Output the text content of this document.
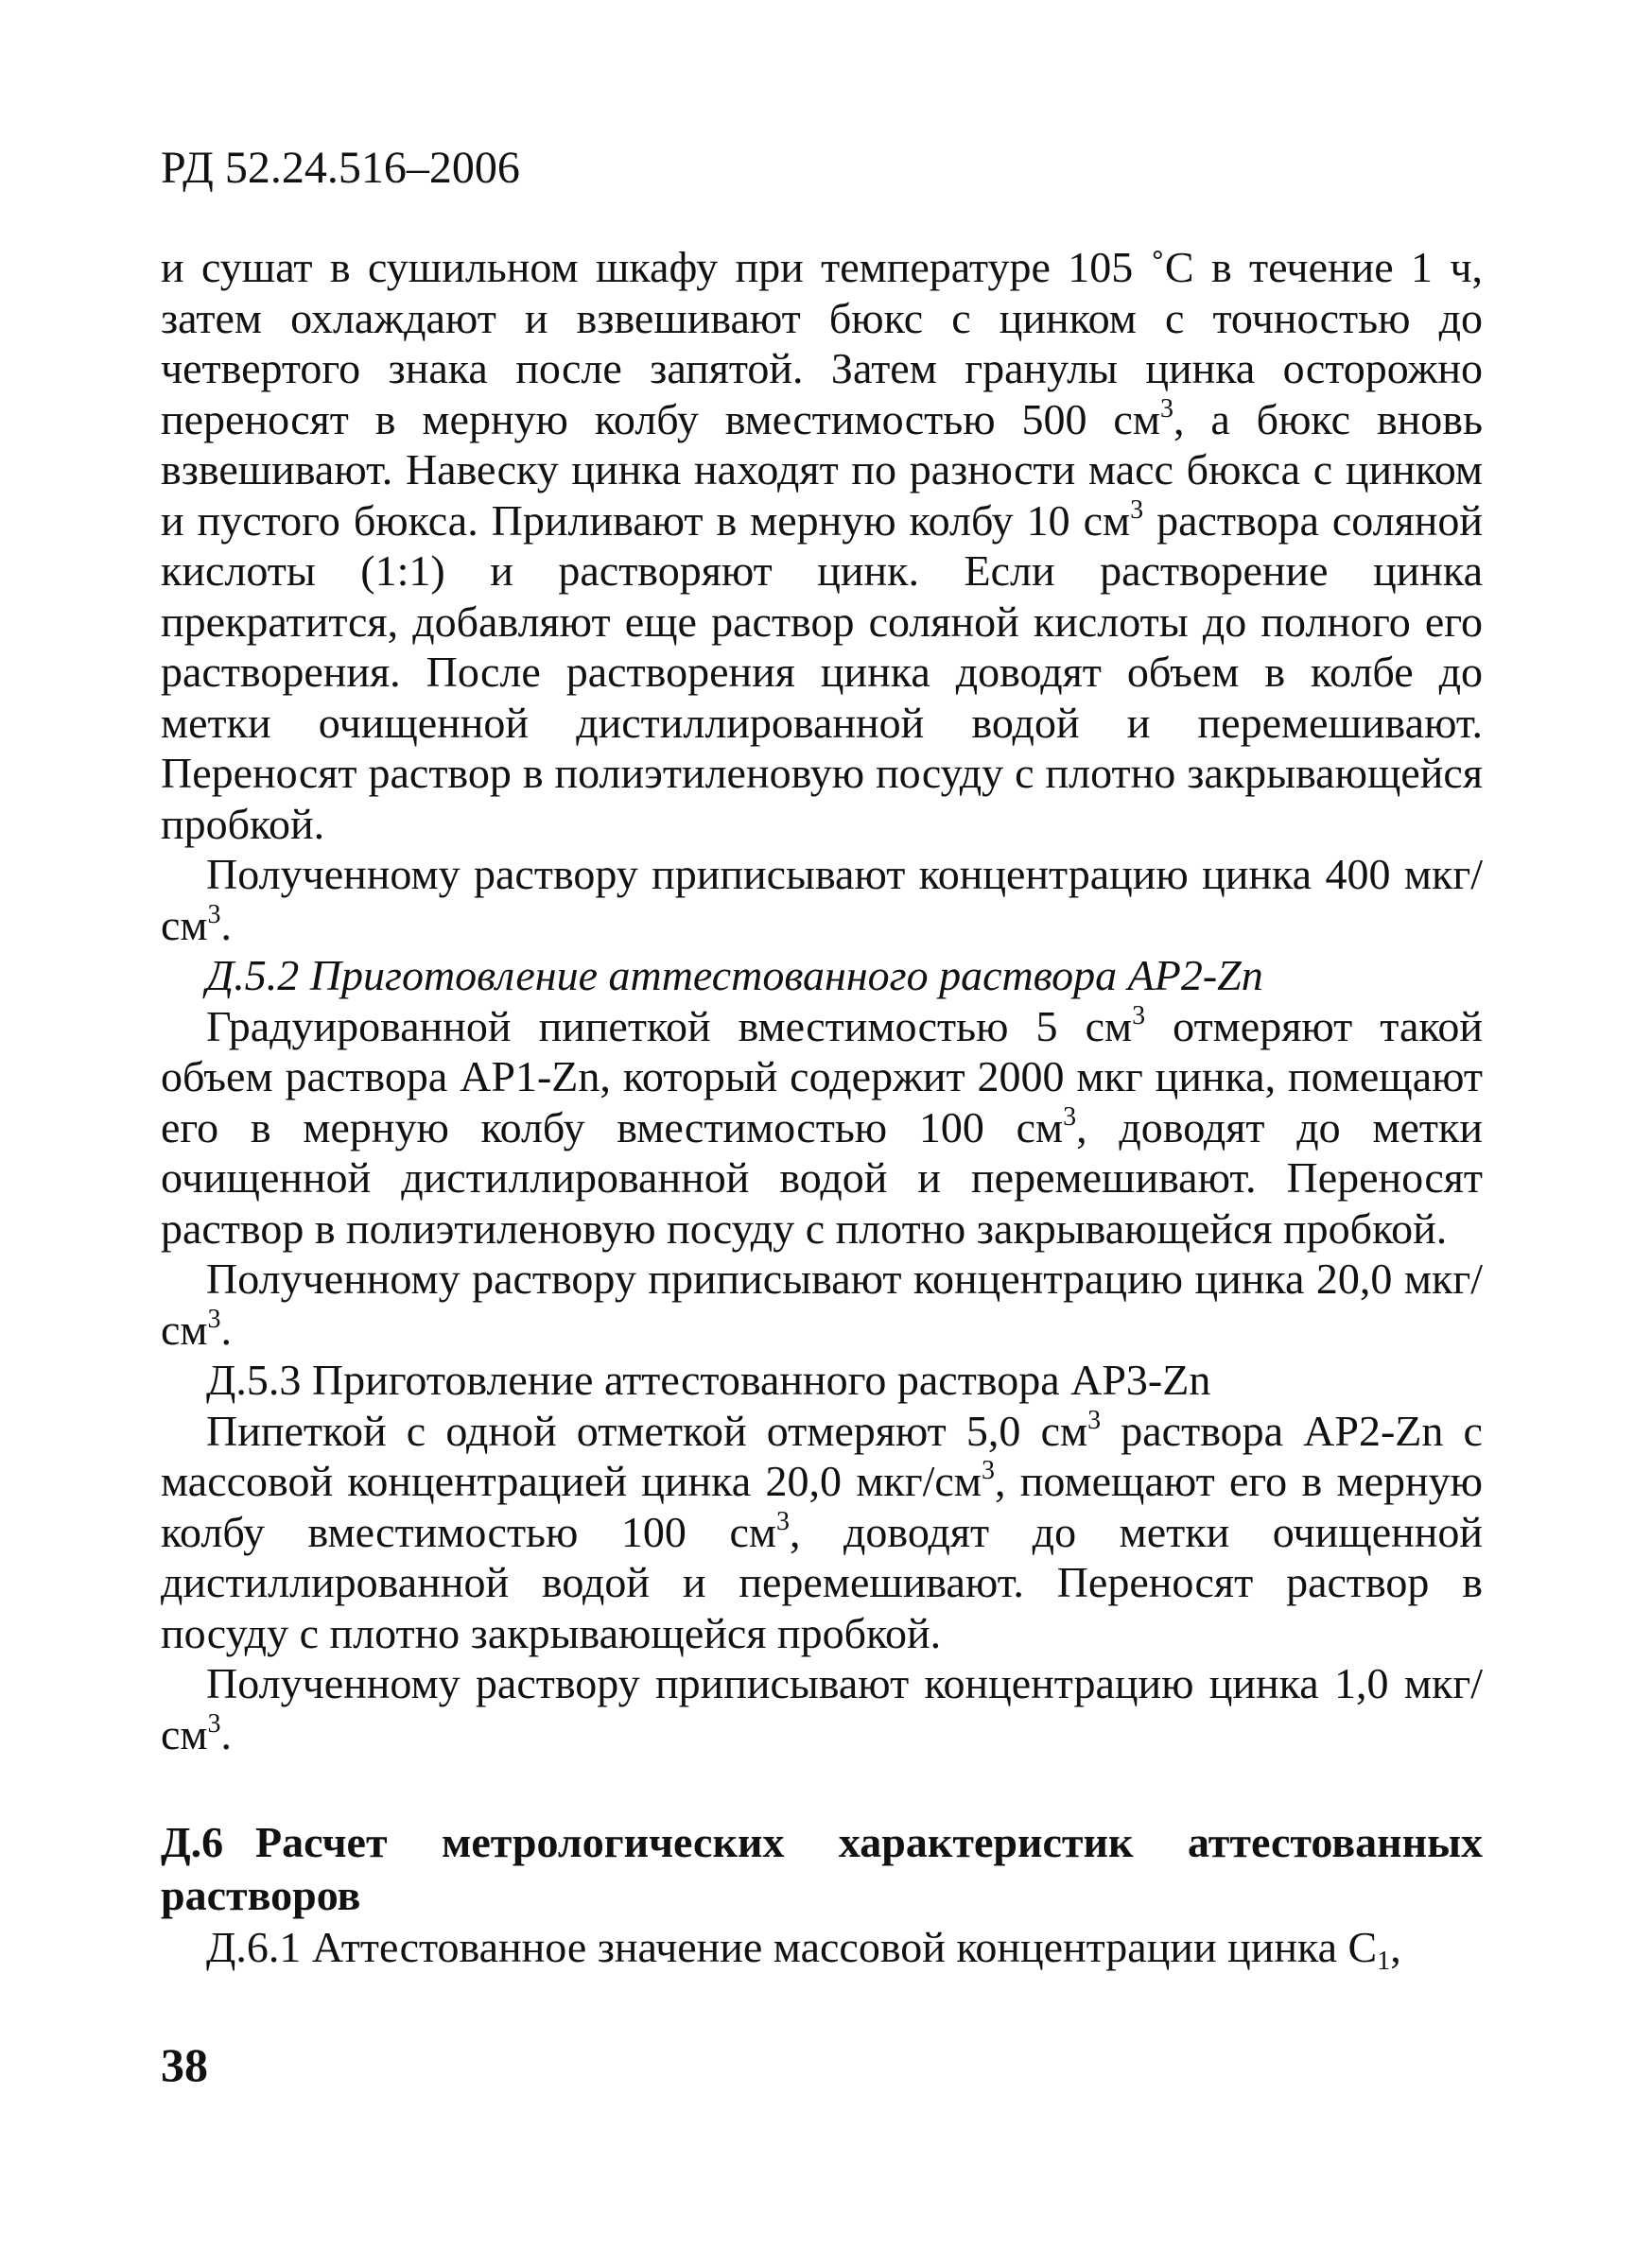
РД 52.24.516–2006

и сушат в сушильном шкафу при температуре 105 ˚С в течение 1 ч, затем охлаждают и взвешивают бюкс с цинком с точностью до четвертого знака после запятой. Затем гранулы цинка осторожно переносят в мерную колбу вместимостью 500 $см^3$, а бюкс вновь взвешивают. Навеску цинка находят по разности масс бюкса с цинком и пустого бюкса. Приливают в мерную колбу 10 $см^3$ раствора соляной кислоты (1:1) и растворяют цинк. Если растворение цинка прекратится, добавляют еще раствор соляной кислоты до полного его растворения. После растворения цинка доводят объем в колбе до метки очищенной дистиллированной водой и перемешивают. Переносят раствор в полиэтиленовую посуду с плотно закрывающейся пробкой.

Полученному раствору приписывают концентрацию цинка 400 мкг/$см^3$.

Д.5.2 Приготовление аттестованного раствора АР2-Zn

Градуированной пипеткой вместимостью 5 $см^3$ отмеряют такой объем раствора АР1-Zn, который содержит 2000 мкг цинка, помещают его в мерную колбу вместимостью 100 $см^3$, доводят до метки очищенной дистиллированной водой и перемешивают. Переносят раствор в полиэтиленовую посуду с плотно закрывающейся пробкой.

Полученному раствору приписывают концентрацию цинка 20,0 мкг/$см^3$.

Д.5.3 Приготовление аттестованного раствора АР3-Zn

Пипеткой с одной отметкой отмеряют 5,0 $см^3$ раствора АР2-Zn с массовой концентрацией цинка 20,0 мкг/$см^3$, помещают его в мерную колбу вместимостью 100 $см^3$, доводят до метки очищенной дистиллированной водой и перемешивают. Переносят раствор в посуду с плотно закрывающейся пробкой.

Полученному раствору приписывают концентрацию цинка 1,0 мкг/$см^3$.

Д.6 Расчет метрологических характеристик аттестованных растворов

Д.6.1 Аттестованное значение массовой концентрации цинка $С_1$,

38
